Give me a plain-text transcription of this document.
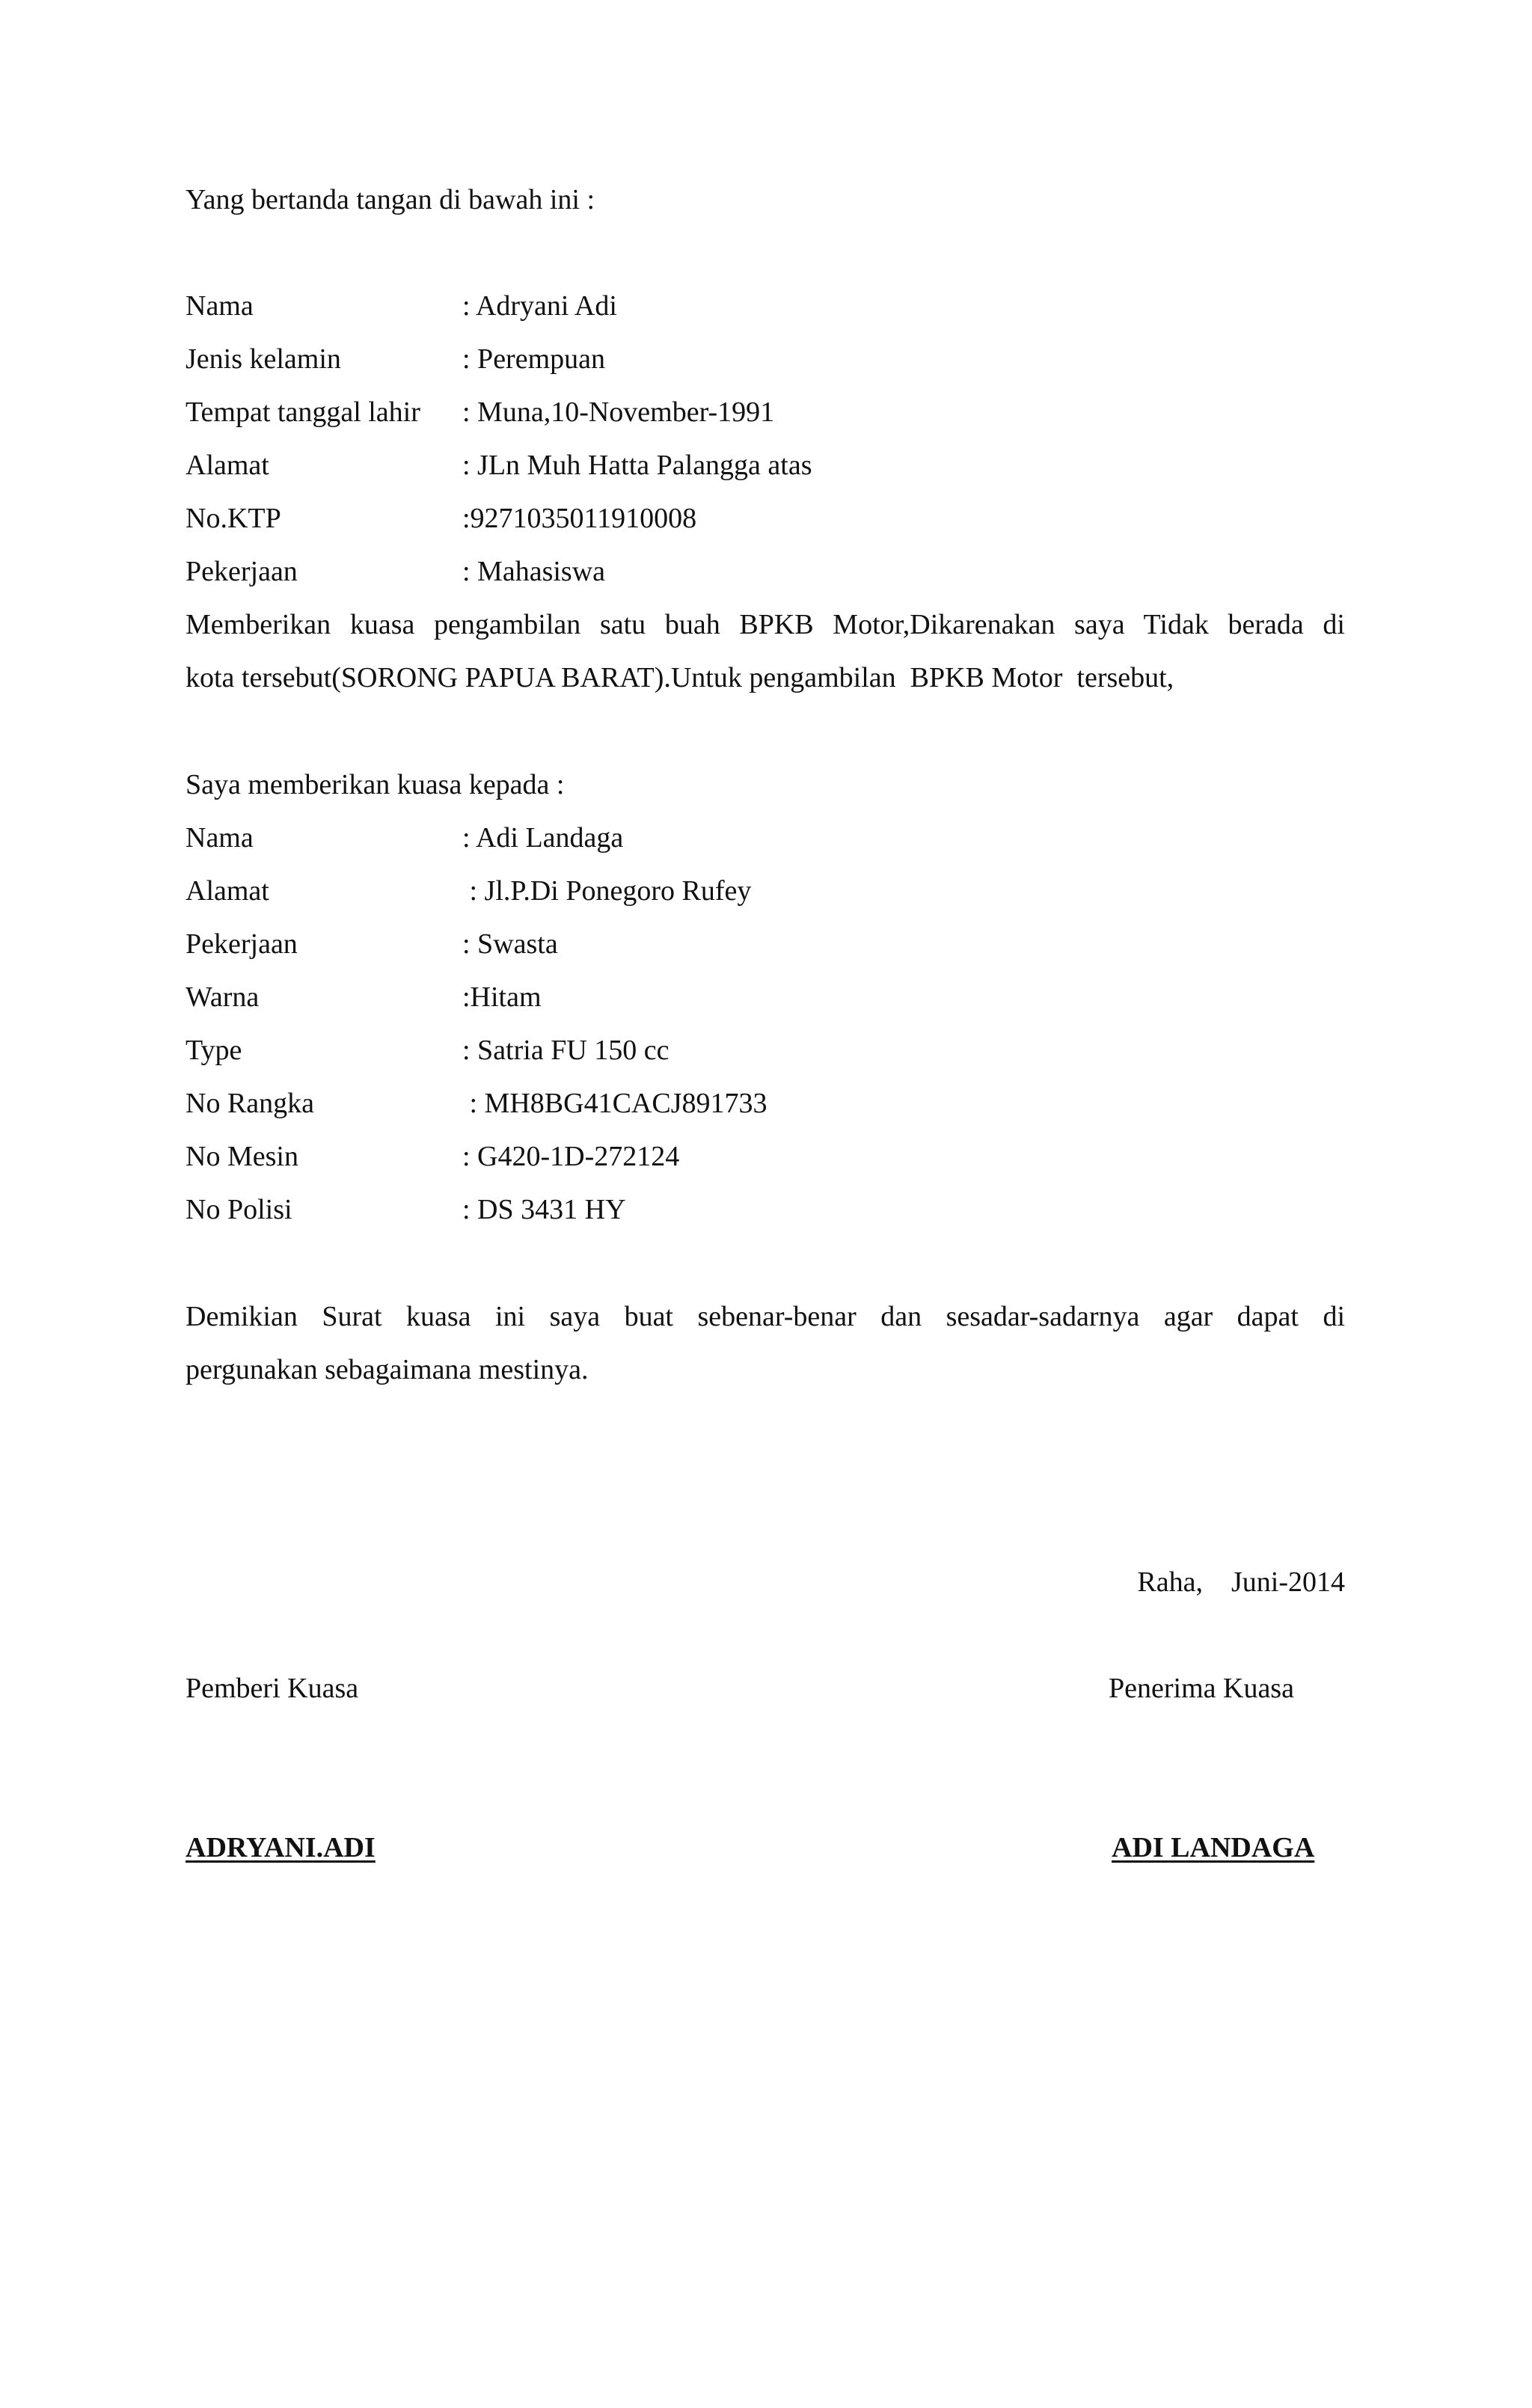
Yang bertanda tangan di bawah ini :
Nama	: Adryani Adi
Jenis kelamin	: Perempuan
Tempat tanggal lahir : Muna,10-November-1991
Alamat	: JLn Muh Hatta Palangga atas
No.KTP	:9271035011910008
Pekerjaan	: Mahasiswa
Memberikan kuasa pengambilan satu buah BPKB Motor,Dikarenakan saya Tidak berada di
kota tersebut(SORONG PAPUA BARAT).Untuk pengambilan  BPKB Motor  tersebut,
Saya memberikan kuasa kepada :
Nama	: Adi Landaga
Alamat	: Jl.P.Di Ponegoro Rufey
Pekerjaan	: Swasta
Warna	:Hitam
Type	: Satria FU 150 cc
No Rangka	: MH8BG41CACJ891733
No Mesin	: G420-1D-272124
No Polisi	: DS 3431 HY
Demikian Surat kuasa ini saya buat sebenar-benar dan sesadar-sadarnya agar dapat di
pergunakan sebagaimana mestinya.
Raha,    Juni-2014
Pemberi Kuasa	Penerima Kuasa
ADRYANI.ADI	ADI LANDAGA
